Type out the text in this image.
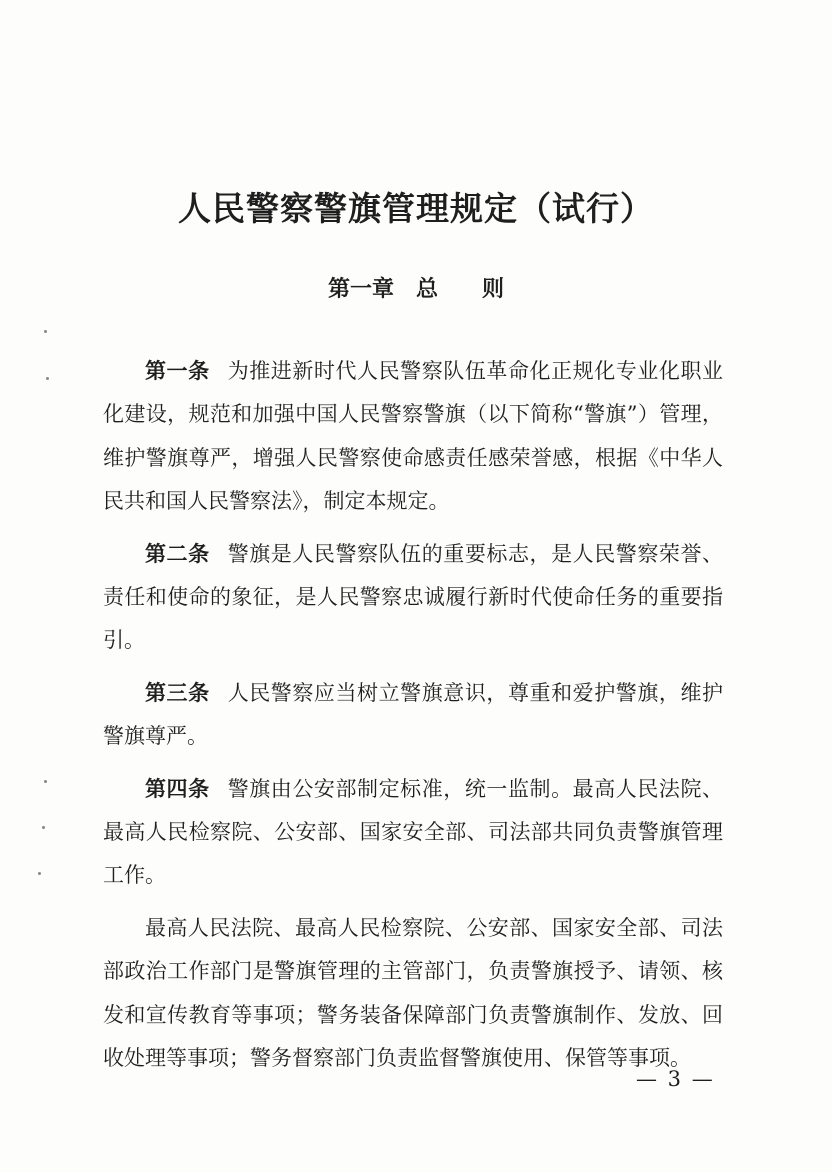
人民警察警旗管理规定（试行）
第一章 总 则

第一条 为推进新时代人民警察队伍革命化正规化专业化职业化建设，规范和加强中国人民警察警旗（以下简称“警旗”）管理，维护警旗尊严，增强人民警察使命感责任感荣誉感，根据《中华人民共和国人民警察法》，制定本规定。

第二条 警旗是人民警察队伍的重要标志，是人民警察荣誉、责任和使命的象征，是人民警察忠诚履行新时代使命任务的重要指引。

第三条 人民警察应当树立警旗意识，尊重和爱护警旗，维护警旗尊严。

第四条 警旗由公安部制定标准，统一监制。最高人民法院、最高人民检察院、公安部、国家安全部、司法部共同负责警旗管理工作。

最高人民法院、最高人民检察院、公安部、国家安全部、司法部政治工作部门是警旗管理的主管部门，负责警旗授予、请领、核发和宣传教育等事项；警务装备保障部门负责警旗制作、发放、回收处理等事项；警务督察部门负责监督警旗使用、保管等事项。

— 3 —
